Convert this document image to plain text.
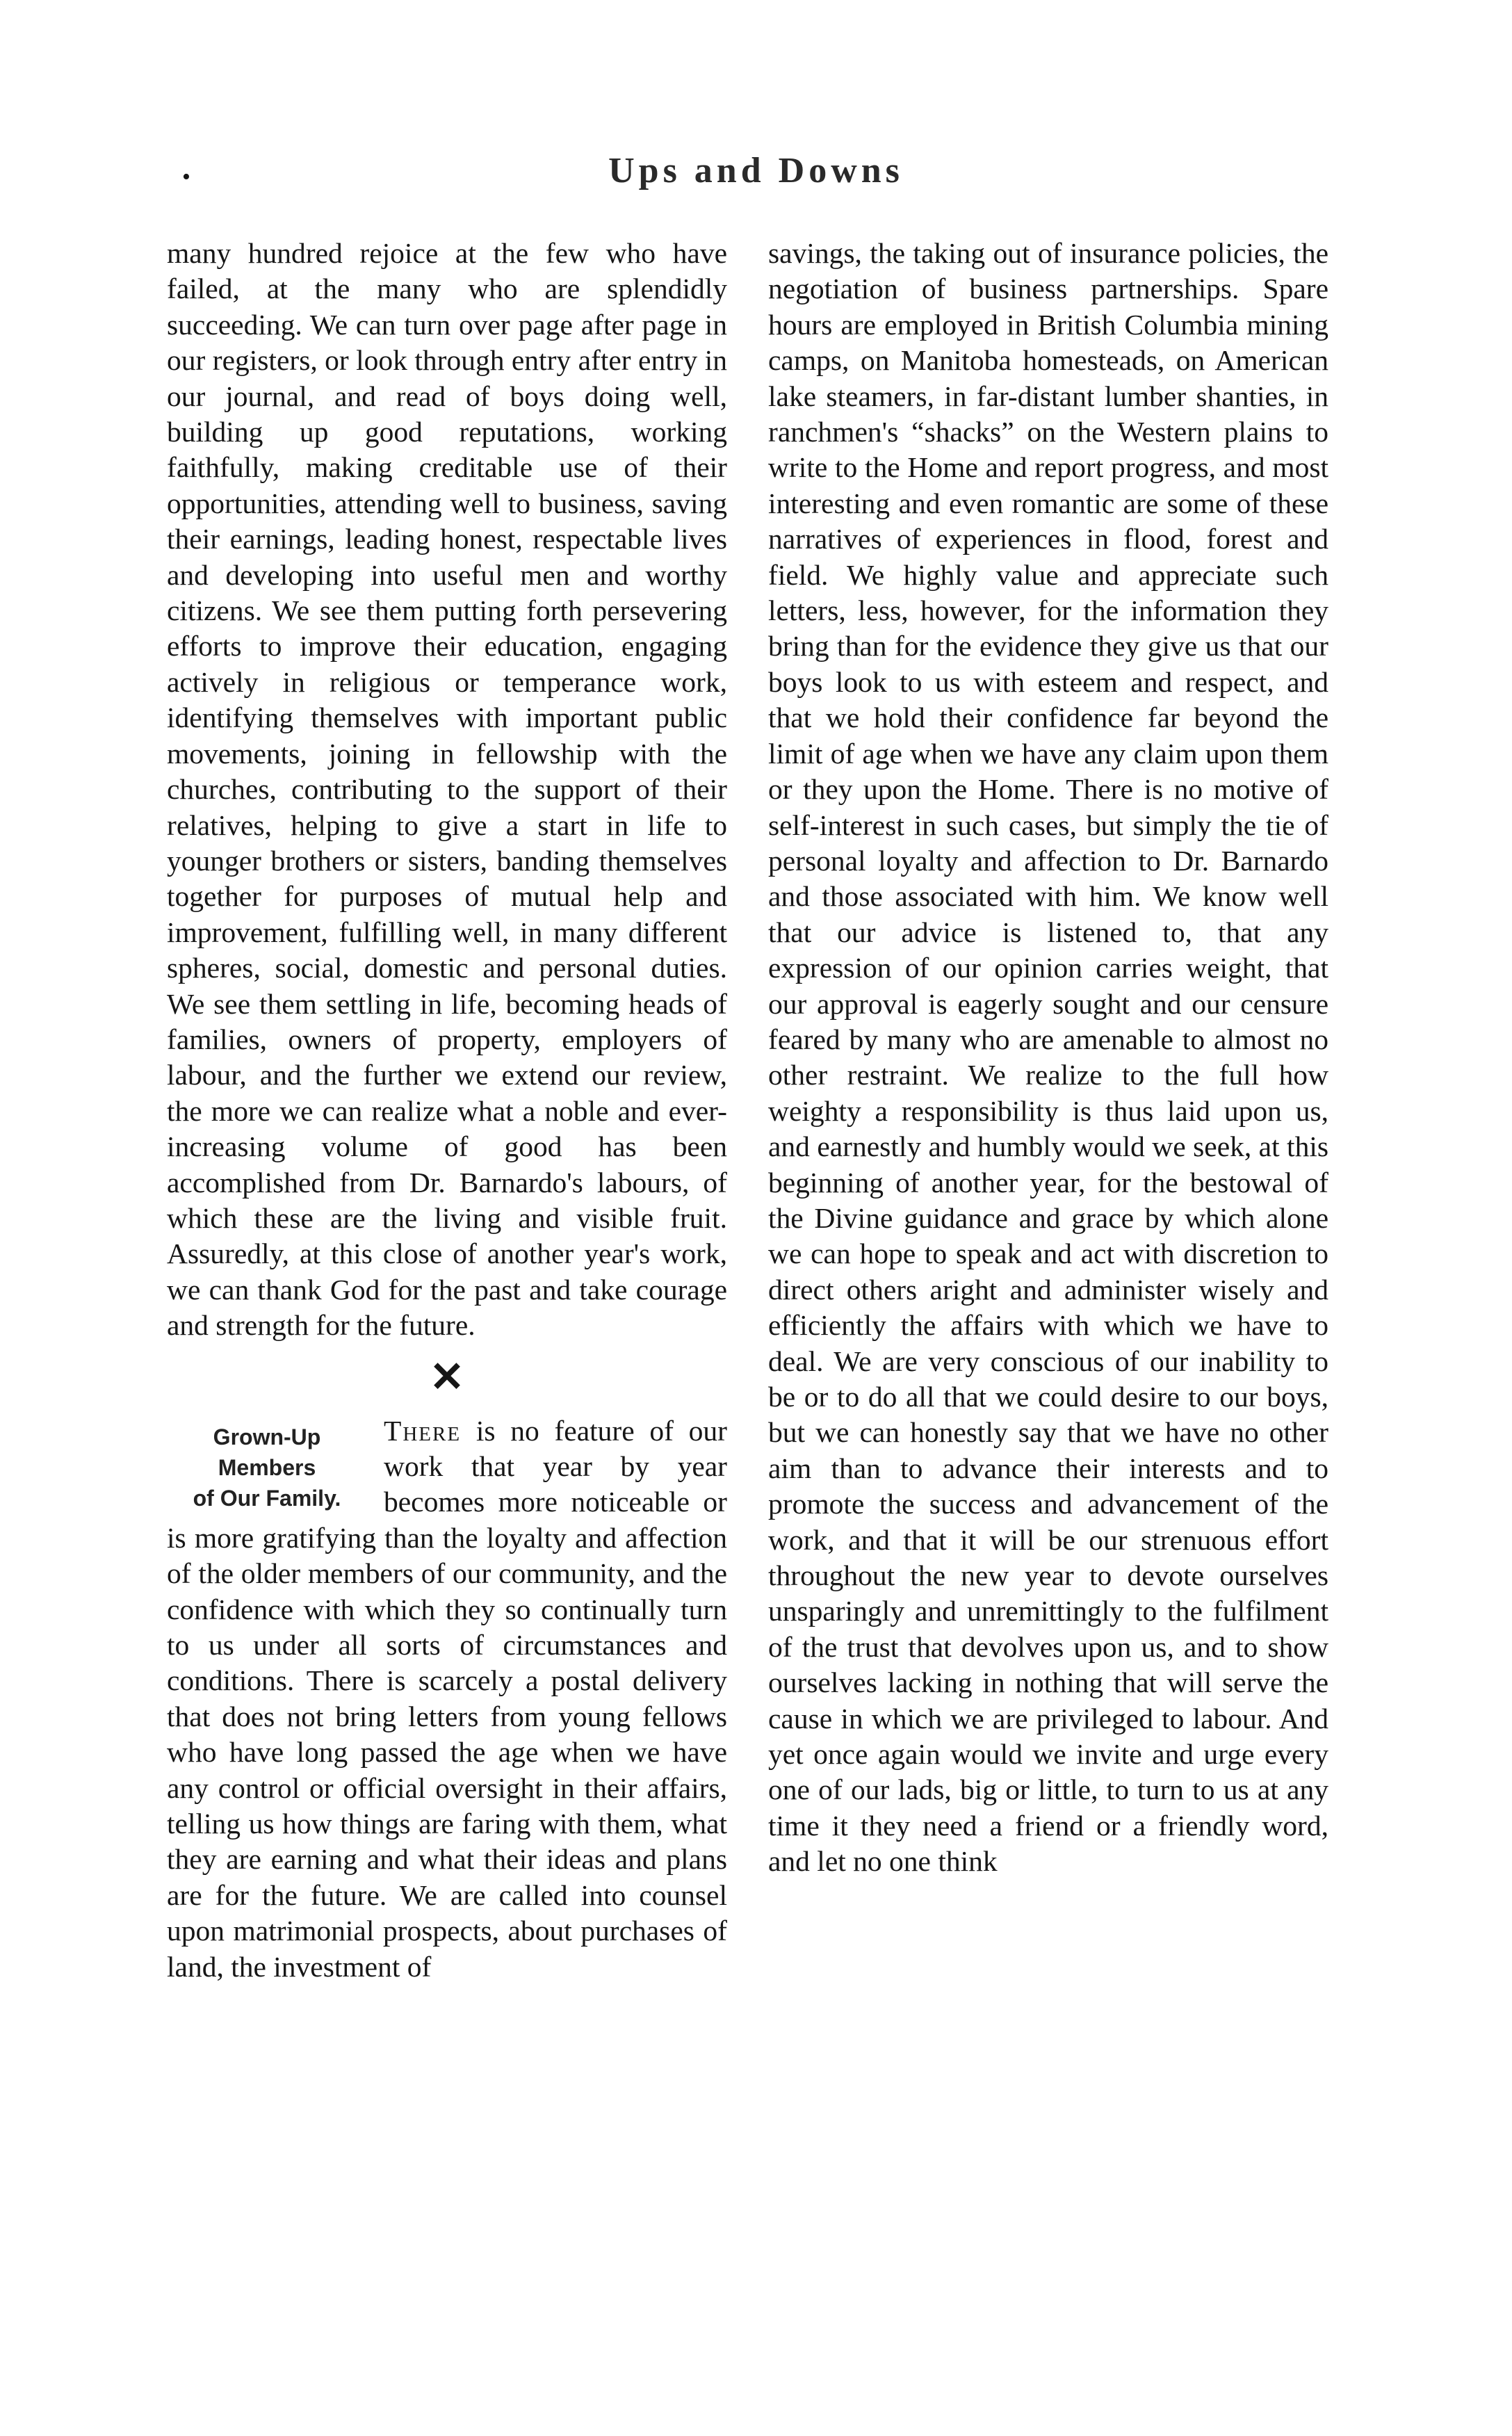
•	Ups and Downs

many hundred rejoice at the few who have failed, at the many who are splendidly succeeding. We can turn over page after page in our registers, or look through entry after entry in our journal, and read of boys doing well, building up good reputations, working faithfully, making creditable use of their opportunities, attending well to business, saving their earnings, leading honest, respectable lives and developing into useful men and worthy citizens. We see them putting forth persevering efforts to improve their education, engaging actively in religious or temperance work, identifying themselves with important public movements, joining in fellowship with the churches, contributing to the support of their relatives, helping to give a start in life to younger brothers or sisters, banding themselves together for purposes of mutual help and improvement, fulfilling well, in many different spheres, social, domestic and personal duties. We see them settling in life, becoming heads of families, owners of property, employers of labour, and the further we extend our review, the more we can realize what a noble and ever-increasing volume of good has been accomplished from Dr. Barnardo's labours, of which these are the living and visible fruit. Assuredly, at this close of another year's work, we can thank God for the past and take courage and strength for the future.

✕
Grown-Up
Members
of Our Family.

There is no feature of our work that year by year becomes more noticeable or is more gratifying than the loyalty and affection of the older members of our community, and the confidence with which they so continually turn to us under all sorts of circumstances and conditions. There is scarcely a postal delivery that does not bring letters from young fellows who have long passed the age when we have any control or official oversight in their affairs, telling us how things are faring with them, what they are earning and what their ideas and plans are for the future. We are called into counsel upon matrimonial prospects, about purchases of land, the investment of

savings, the taking out of insurance policies, the negotiation of business partnerships. Spare hours are employed in British Columbia mining camps, on Manitoba homesteads, on American lake steamers, in far-distant lumber shanties, in ranchmen's “shacks” on the Western plains to write to the Home and report progress, and most interesting and even romantic are some of these narratives of experiences in flood, forest and field. We highly value and appreciate such letters, less, however, for the information they bring than for the evidence they give us that our boys look to us with esteem and respect, and that we hold their confidence far beyond the limit of age when we have any claim upon them or they upon the Home. There is no motive of self-interest in such cases, but simply the tie of personal loyalty and affection to Dr. Barnardo and those associated with him. We know well that our advice is listened to, that any expression of our opinion carries weight, that our approval is eagerly sought and our censure feared by many who are amenable to almost no other restraint. We realize to the full how weighty a responsibility is thus laid upon us, and earnestly and humbly would we seek, at this beginning of another year, for the bestowal of the Divine guidance and grace by which alone we can hope to speak and act with discretion to direct others aright and administer wisely and efficiently the affairs with which we have to deal. We are very conscious of our inability to be or to do all that we could desire to our boys, but we can honestly say that we have no other aim than to advance their interests and to promote the success and advancement of the work, and that it will be our strenuous effort throughout the new year to devote ourselves unsparingly and unremittingly to the fulfilment of the trust that devolves upon us, and to show ourselves lacking in nothing that will serve the cause in which we are privileged to labour. And yet once again would we invite and urge every one of our lads, big or little, to turn to us at any time it they need a friend or a friendly word, and let no one think
